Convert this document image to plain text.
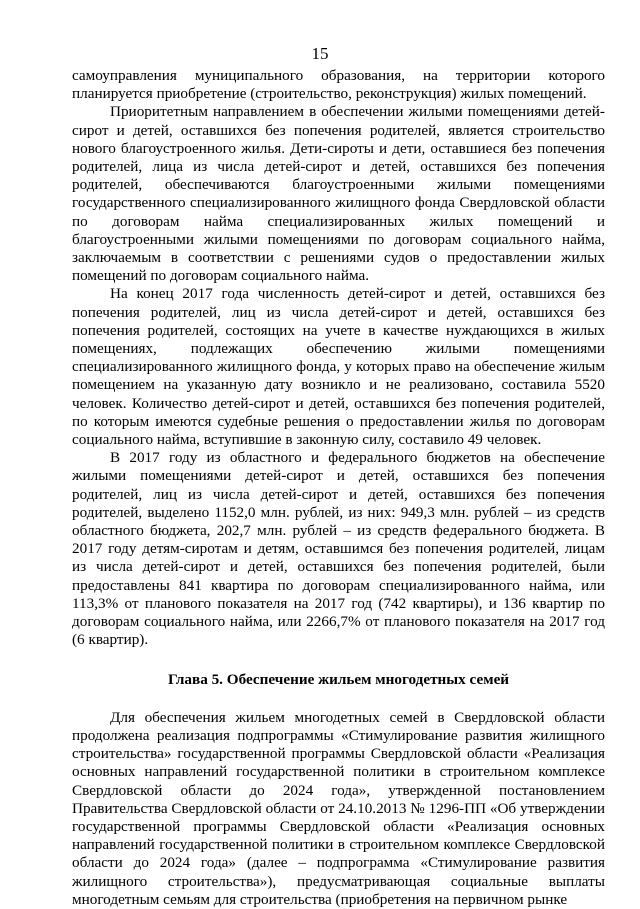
15

самоуправления муниципального образования, на территории которого планируется приобретение (строительство, реконструкция) жилых помещений.

Приоритетным направлением в обеспечении жилыми помещениями детей-сирот и детей, оставшихся без попечения родителей, является строительство нового благоустроенного жилья. Дети-сироты и дети, оставшиеся без попечения родителей, лица из числа детей-сирот и детей, оставшихся без попечения родителей, обеспечиваются благоустроенными жилыми помещениями государственного специализированного жилищного фонда Свердловской области по договорам найма специализированных жилых помещений и благоустроенными жилыми помещениями по договорам социального найма, заключаемым в соответствии с решениями судов о предоставлении жилых помещений по договорам социального найма.

На конец 2017 года численность детей-сирот и детей, оставшихся без попечения родителей, лиц из числа детей-сирот и детей, оставшихся без попечения родителей, состоящих на учете в качестве нуждающихся в жилых помещениях, подлежащих обеспечению жилыми помещениями специализированного жилищного фонда, у которых право на обеспечение жилым помещением на указанную дату возникло и не реализовано, составила 5520 человек. Количество детей-сирот и детей, оставшихся без попечения родителей, по которым имеются судебные решения о предоставлении жилья по договорам социального найма, вступившие в законную силу, составило 49 человек.

В 2017 году из областного и федерального бюджетов на обеспечение жилыми помещениями детей-сирот и детей, оставшихся без попечения родителей, лиц из числа детей-сирот и детей, оставшихся без попечения родителей, выделено 1152,0 млн. рублей, из них: 949,3 млн. рублей – из средств областного бюджета, 202,7 млн. рублей – из средств федерального бюджета. В 2017 году детям-сиротам и детям, оставшимся без попечения родителей, лицам из числа детей-сирот и детей, оставшихся без попечения родителей, были предоставлены 841 квартира по договорам специализированного найма, или 113,3% от планового показателя на 2017 год (742 квартиры), и 136 квартир по договорам социального найма, или 2266,7% от планового показателя на 2017 год (6 квартир).

Глава 5. Обеспечение жильем многодетных семей

Для обеспечения жильем многодетных семей в Свердловской области продолжена реализация подпрограммы «Стимулирование развития жилищного строительства» государственной программы Свердловской области «Реализация основных направлений государственной политики в строительном комплексе Свердловской области до 2024 года», утвержденной постановлением Правительства Свердловской области от 24.10.2013 № 1296-ПП «Об утверждении государственной программы Свердловской области «Реализация основных направлений государственной политики в строительном комплексе Свердловской области до 2024 года» (далее – подпрограмма «Стимулирование развития жилищного строительства»), предусматривающая социальные выплаты многодетным семьям для строительства (приобретения на первичном рынке
